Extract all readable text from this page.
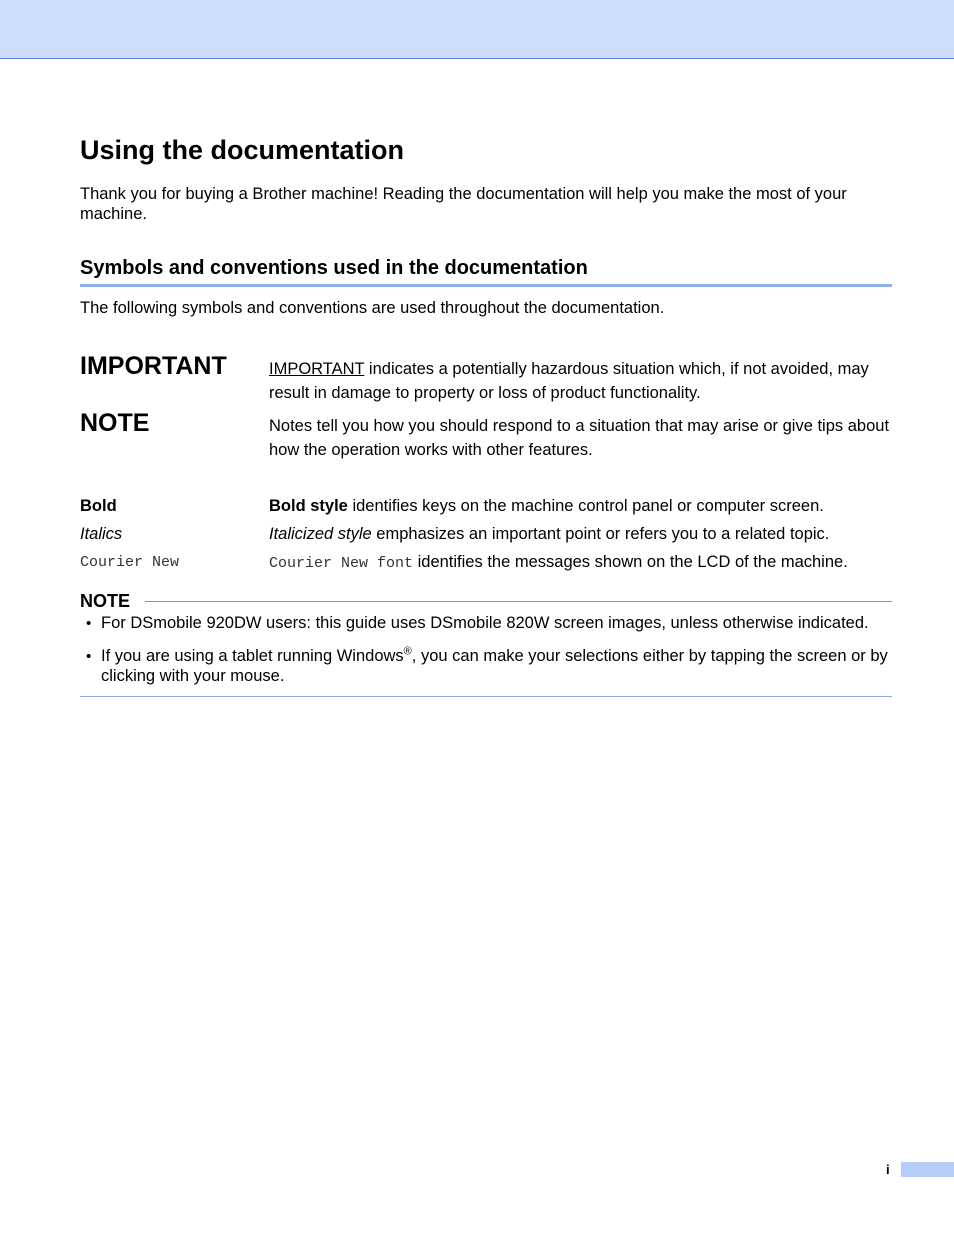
Using the documentation

Thank you for buying a Brother machine! Reading the documentation will help you make the most of your machine.

Symbols and conventions used in the documentation

The following symbols and conventions are used throughout the documentation.

IMPORTANT	IMPORTANT indicates a potentially hazardous situation which, if not avoided, may result in damage to property or loss of product functionality.

NOTE	Notes tell you how you should respond to a situation that may arise or give tips about how the operation works with other features.

Bold	Bold style identifies keys on the machine control panel or computer screen.

Italics	Italicized style emphasizes an important point or refers you to a related topic.

Courier New	Courier New font identifies the messages shown on the LCD of the machine.

NOTE

• For DSmobile 920DW users: this guide uses DSmobile 820W screen images, unless otherwise indicated.

• If you are using a tablet running Windows®, you can make your selections either by tapping the screen or by clicking with your mouse.

i
